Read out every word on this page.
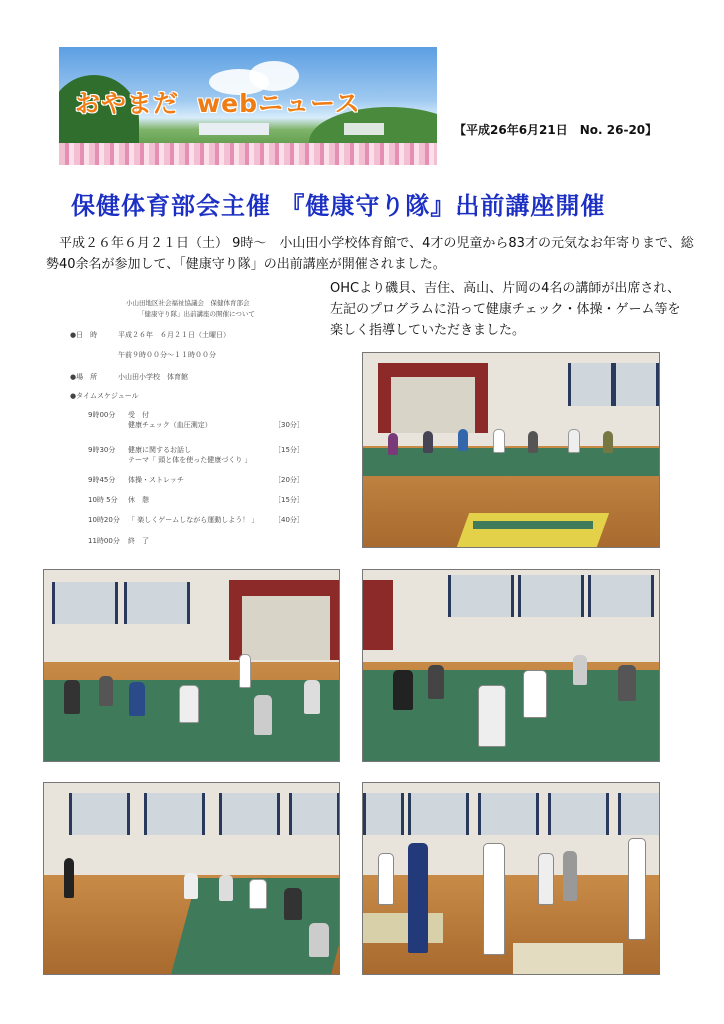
おやまだ webニュース
【平成26年6月21日　No. 26-20】
保健体育部会主催 『健康守り隊』出前講座開催
　平成２６年６月２１日（土） 9時～　小山田小学校体育館で、4才の児童から83才の元気なお年寄りまで、総勢40余名が参加して、「健康守り隊」の出前講座が開催されました。
OHCより磯貝、吉住、高山、片岡の4名の講師が出席され、左記のプログラムに沿って健康チェック・体操・ゲーム等を楽しく指導していただきました。
小山田地区社会福祉協議会　保健体育部会
「健康守り隊」出前講座の開催について
●日　時	平成２６年　６月２１日（土曜日）
午前９時００分～１１時００分
●場　所	小山田小学校　体育館
●タイムスケジュール
9時00分 受　付
健康チェック（血圧測定）	［30分］
9時30分 健康に関するお話し	［15分］
テーマ「 頭と体を使った健康づくり 」
9時45分 体操・ストレッチ	［20分］
10時 5分 休　憩	［15分］
10時20分 「 楽しくゲームしながら運動しよう！ 」 ［40分］
11時00分 終　了
